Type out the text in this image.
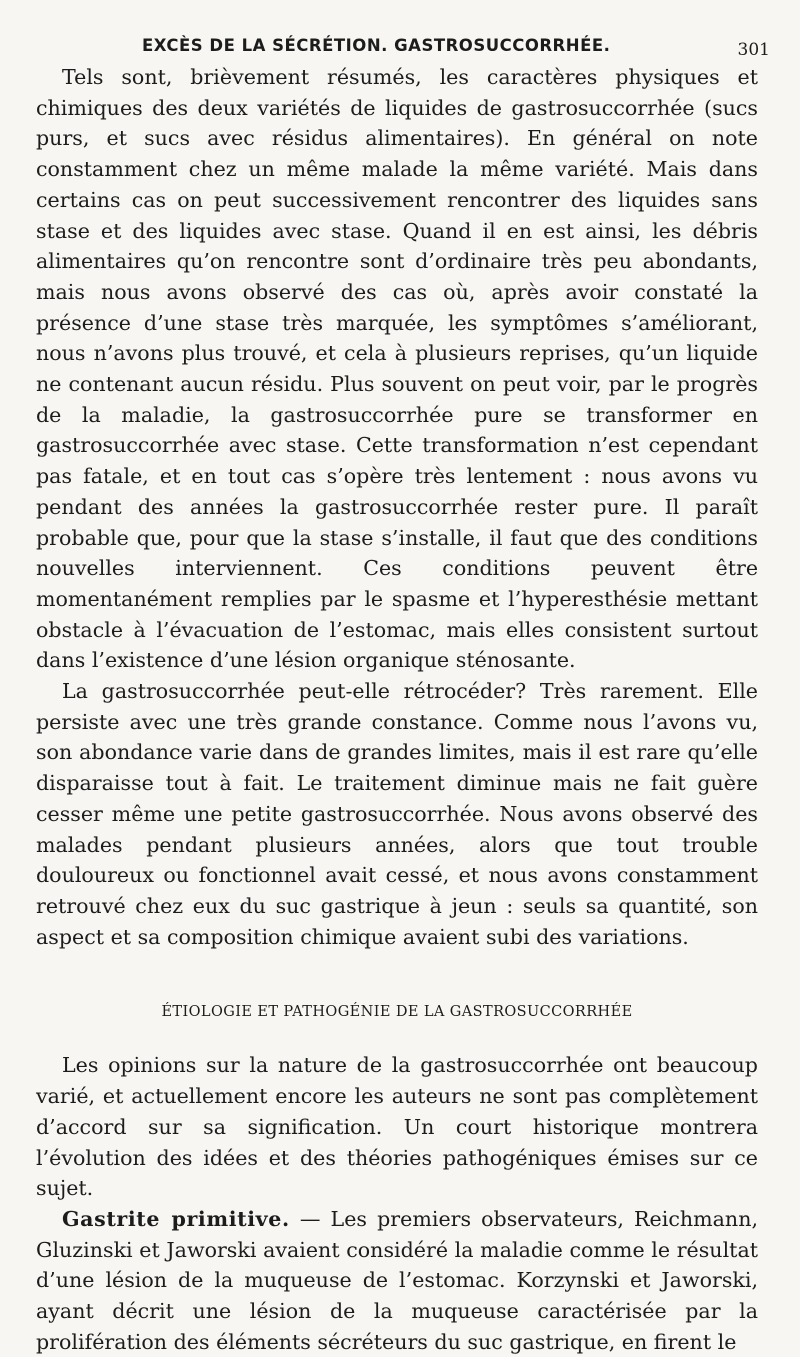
EXCÈS DE LA SÉCRÉTION. GASTROSUCCORRHÉE.	301

Tels sont, brièvement résumés, les caractères physiques et chimiques des deux variétés de liquides de gastrosuccorrhée (sucs purs, et sucs avec résidus alimentaires). En général on note constamment chez un même malade la même variété. Mais dans certains cas on peut successivement rencontrer des liquides sans stase et des liquides avec stase. Quand il en est ainsi, les débris alimentaires qu’on rencontre sont d’ordinaire très peu abondants, mais nous avons observé des cas où, après avoir constaté la présence d’une stase très marquée, les symptômes s’améliorant, nous n’avons plus trouvé, et cela à plusieurs reprises, qu’un liquide ne contenant aucun résidu. Plus souvent on peut voir, par le progrès de la maladie, la gastrosuccorrhée pure se transformer en gastrosuccorrhée avec stase. Cette transformation n’est cependant pas fatale, et en tout cas s’opère très lentement : nous avons vu pendant des années la gastrosuccorrhée rester pure. Il paraît probable que, pour que la stase s’installe, il faut que des conditions nouvelles interviennent. Ces conditions peuvent être momentanément remplies par le spasme et l’hyperesthésie mettant obstacle à l’évacuation de l’estomac, mais elles consistent surtout dans l’existence d’une lésion organique sténosante.

La gastrosuccorrhée peut-elle rétrocéder? Très rarement. Elle persiste avec une très grande constance. Comme nous l’avons vu, son abondance varie dans de grandes limites, mais il est rare qu’elle disparaisse tout à fait. Le traitement diminue mais ne fait guère cesser même une petite gastrosuccorrhée. Nous avons observé des malades pendant plusieurs années, alors que tout trouble douloureux ou fonctionnel avait cessé, et nous avons constamment retrouvé chez eux du suc gastrique à jeun : seuls sa quantité, son aspect et sa composition chimique avaient subi des variations.

ÉTIOLOGIE ET PATHOGÉNIE DE LA GASTROSUCCORRHÉE

Les opinions sur la nature de la gastrosuccorrhée ont beaucoup varié, et actuellement encore les auteurs ne sont pas complètement d’accord sur sa signification. Un court historique montrera l’évolution des idées et des théories pathogéniques émises sur ce sujet.

Gastrite primitive. — Les premiers observateurs, Reichmann, Gluzinski et Jaworski avaient considéré la maladie comme le résultat d’une lésion de la muqueuse de l’estomac. Korzynski et Jaworski, ayant décrit une lésion de la muqueuse caractérisée par la prolifération des éléments sécréteurs du suc gastrique, en firent le
